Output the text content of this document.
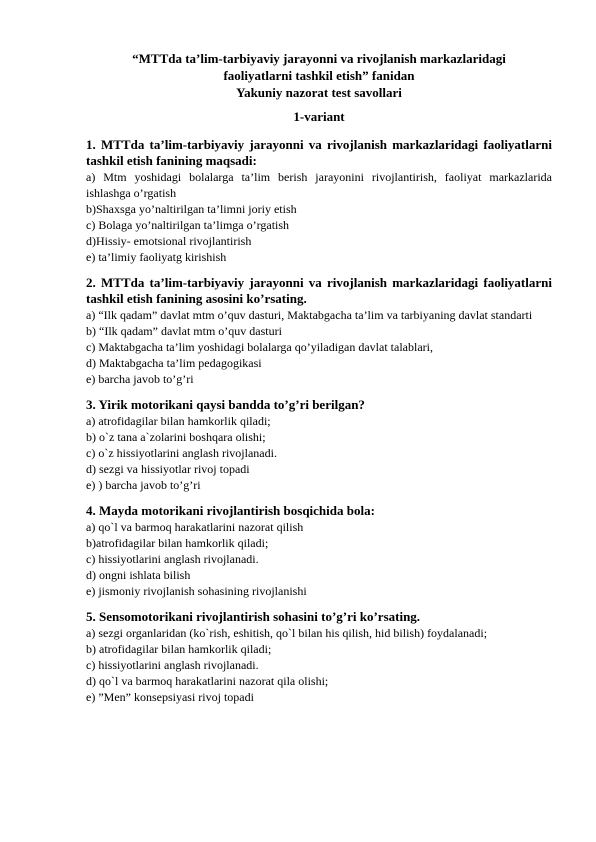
“MTTda ta’lim-tarbiyaviy jarayonni va rivojlanish markazlaridagi
faoliyatlarni tashkil etish” fanidan
Yakuniy nazorat test savollari
1-variant
1. MTTda ta’lim-tarbiyaviy jarayonni va rivojlanish markazlaridagi faoliyatlarni tashkil etish fanining maqsadi:
a) Mtm yoshidagi bolalarga ta’lim berish jarayonini rivojlantirish, faoliyat markazlarida ishlashga o’rgatish
b)Shaxsga yo’naltirilgan ta’limni joriy etish
c) Bolaga yo’naltirilgan ta’limga o’rgatish
d)Hissiy- emotsional rivojlantirish
e) ta’limiy faoliyatg kirishish
2. MTTda ta’lim-tarbiyaviy jarayonni va rivojlanish markazlaridagi faoliyatlarni tashkil etish fanining asosini ko’rsating.
a) “Ilk qadam” davlat mtm o’quv dasturi, Maktabgacha ta’lim va tarbiyaning davlat standarti
b) “Ilk qadam” davlat mtm o’quv dasturi
c) Maktabgacha ta’lim yoshidagi bolalarga qo’yiladigan davlat talablari,
d) Maktabgacha ta’lim pedagogikasi
e) barcha javob to’g’ri
3. Yirik motorikani qaysi bandda to’g’ri berilgan?
a) atrofidagilar bilan hamkorlik qiladi;
b) o`z tana a`zolarini boshqara olishi;
c) o`z hissiyotlarini anglash rivojlanadi.
d) sezgi va hissiyotlar rivoj topadi
e) ) barcha javob to’g’ri
4. Mayda motorikani rivojlantirish bosqichida bola:
a) qo`l va barmoq harakatlarini nazorat qilish
b)atrofidagilar bilan hamkorlik qiladi;
c) hissiyotlarini anglash rivojlanadi.
d) ongni ishlata bilish
e) jismoniy rivojlanish sohasining rivojlanishi
5. Sensomotorikani rivojlantirish sohasini to’g’ri ko’rsating.
a) sezgi organlaridan (ko`rish, eshitish, qo`l bilan his qilish, hid bilish) foydalanadi;
b) atrofidagilar bilan hamkorlik qiladi;
c) hissiyotlarini anglash rivojlanadi.
d) qo`l va barmoq harakatlarini nazorat qila olishi;
e) ”Men” konsepsiyasi rivoj topadi
